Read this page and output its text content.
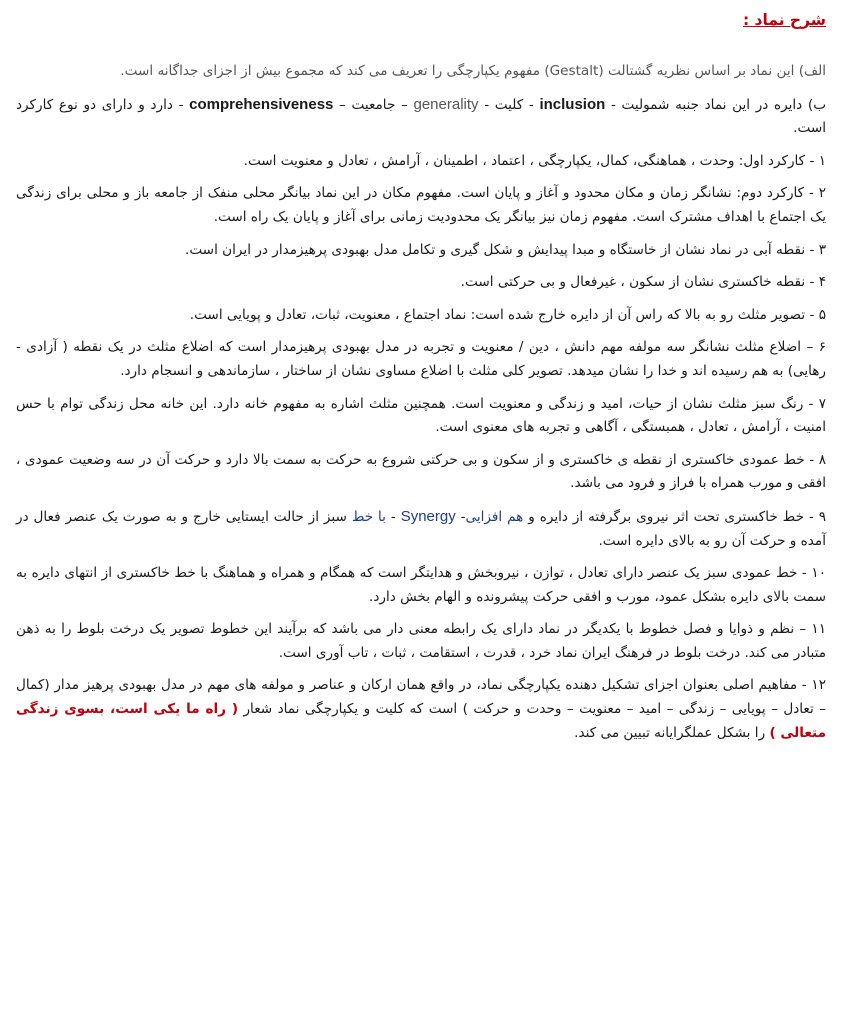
شرح نماد :

الف) این نماد بر اساس نظریه گشتالت (Gestalt) مفهوم یکپارچگی را تعریف می کند که مجموع بیش از اجزای جداگانه است.

ب) دایره در این نماد جنبه شمولیت - inclusion - کلیت - generality – جامعیت – comprehensiveness - دارد و دارای دو نوع کارکرد است.

۱ - کارکرد اول: وحدت ، هماهنگی، کمال، یکپارچگی ، اعتماد ، اطمینان ، آرامش ، تعادل و معنویت است.

۲ - کارکرد دوم: نشانگر زمان و مکان محدود و آغاز و پایان است. مفهوم مکان در این نماد بیانگر محلی منفک از جامعه باز و محلی برای زندگی یک اجتماع با اهداف مشترک است. مفهوم زمان نیز بیانگر یک محدودیت زمانی برای آغاز و پایان یک راه است.

۳ - نقطه آبی در نماد نشان از خاستگاه و مبدا پیدایش و شکل گیری و تکامل مدل بهبودی پرهیزمدار در ایران است.

۴ - نقطه خاکستری نشان از سکون ، غیرفعال و بی حرکتی است.

۵ - تصویر مثلث رو به بالا که راس آن از دایره خارج شده است: نماد اجتماع ، معنویت، ثبات، تعادل و پویایی است.

۶ – اضلاع مثلث نشانگر سه مولفه مهم دانش ، دین / معنویت و تجربه در مدل بهبودی پرهیزمدار است که اضلاع مثلث در یک نقطه ( آزادی - رهایی) به هم رسیده اند و خدا را نشان میدهد. تصویر کلی مثلث با اضلاع مساوی نشان از ساختار ، سازماندهی و انسجام دارد.

۷ - رنگ سبز مثلث نشان از حیات، امید و زندگی و معنویت است. همچنین مثلث اشاره به مفهوم خانه دارد. این خانه محل زندگی توام با حس امنیت ، آرامش ، تعادل ، همبستگی ، آگاهی و تجربه های معنوی است.

۸ - خط عمودی خاکستری از نقطه ی خاکستری و از سکون و بی حرکتی شروع به حرکت به سمت بالا دارد و حرکت آن در سه وضعیت عمودی ، افقی و مورب همراه با فراز و فرود می باشد.

۹ - خط خاکستری تحت اثر نیروی برگرفته از دایره و هم افزایی- Synergy - با خط سبز از حالت ایستایی خارج و به صورت یک عنصر فعال در آمده و حرکت آن رو به بالای دایره است.

۱۰ - خط عمودی سبز یک عنصر دارای تعادل ، توازن ، نیروبخش و هدایتگر است که همگام و همراه و هماهنگ با خط خاکستری از انتهای دایره به سمت بالای دایره بشکل عمود، مورب و افقی حرکت پیشرونده و الهام بخش دارد.

۱۱ – نظم و ذوایا و فصل خطوط با یکدیگر در نماد دارای یک رابطه معنی دار می باشد که برآیند این خطوط تصویر یک درخت بلوط را به ذهن متبادر می کند. درخت بلوط در فرهنگ ایران نماد خرد ، قدرت ، استقامت ، ثبات ، تاب آوری است.

۱۲ - مفاهیم اصلی بعنوان اجزای تشکیل دهنده یکپارچگی نماد، در واقع همان ارکان و عناصر و مولفه های مهم در مدل بهبودی پرهیز مدار (کمال – تعادل – پویایی – زندگی – امید – معنویت – وحدت و حرکت ) است که کلیت و یکپارچگی نماد شعار ( راه ما یکی است، بسوی زندگی متعالی ) را بشکل عملگرایانه تبیین می کند.
